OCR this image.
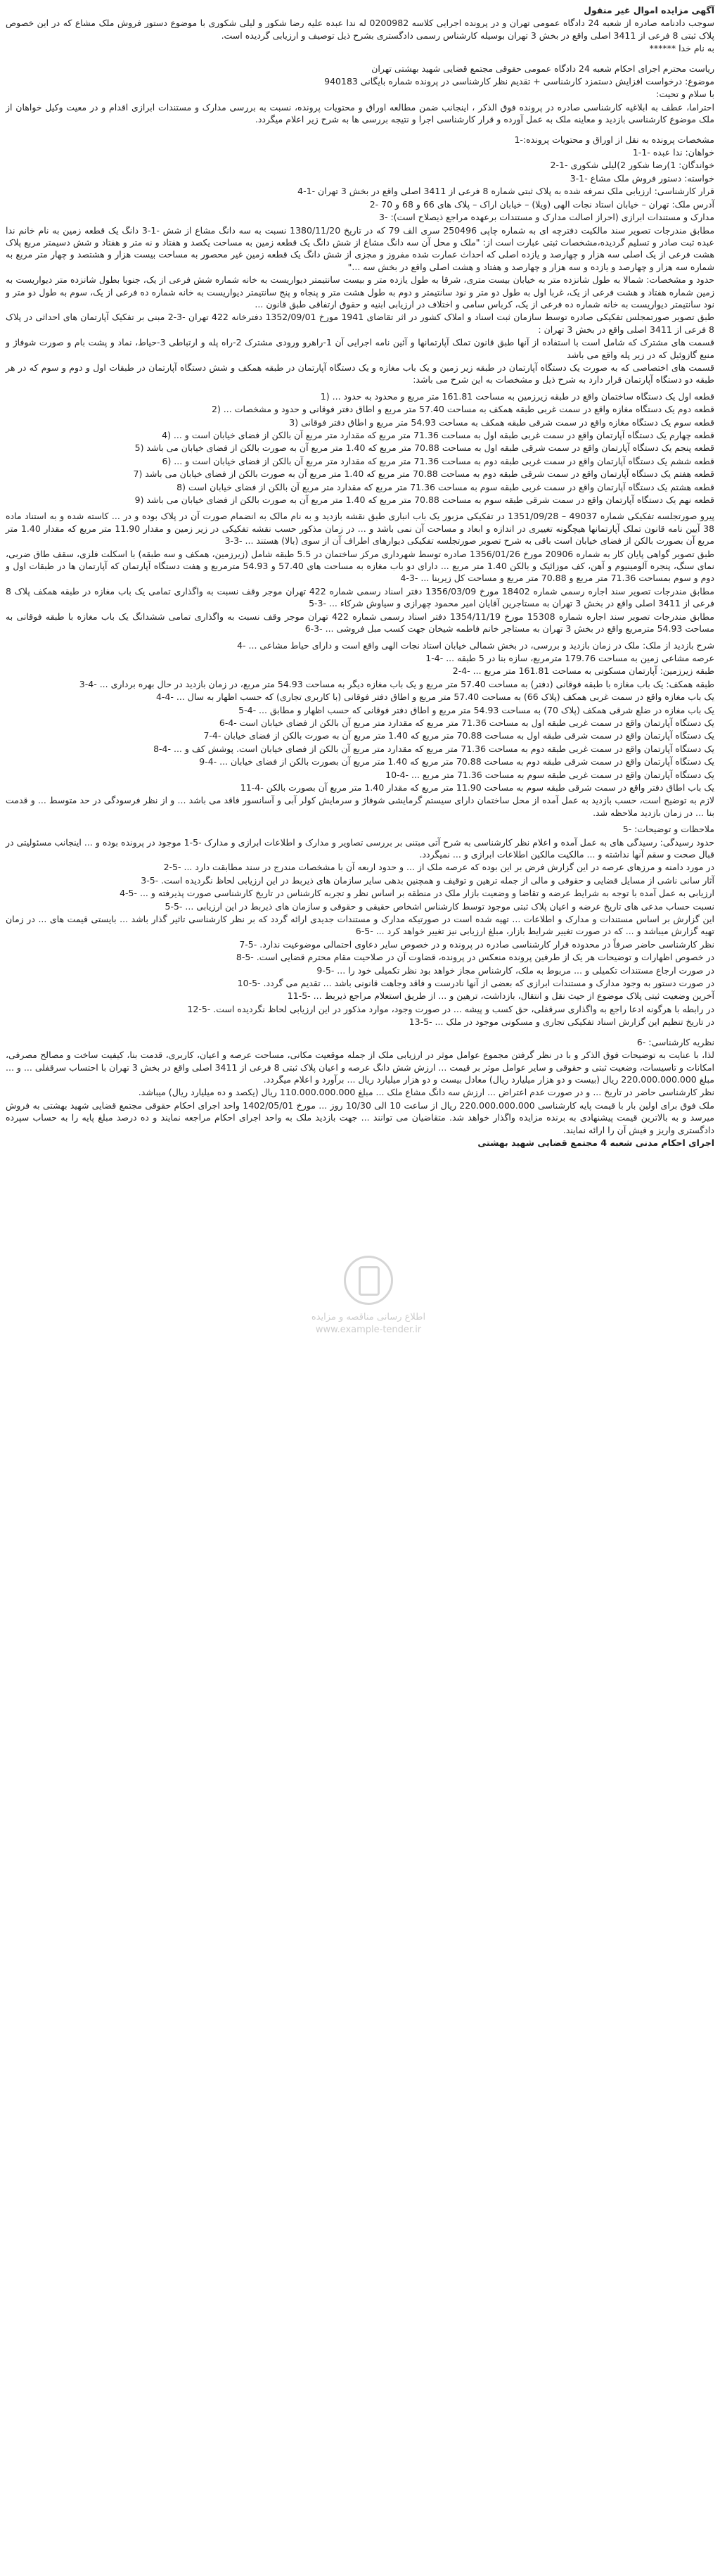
آگهی مزایده اموال غیر منقول

سوجب دادنامه صادره از شعبه 24 دادگاه عمومی تهران و در پرونده اجرایی کلاسه 0200982 له ندا عبده علیه رضا شکور و لیلی شکوری با موضوع دستور فروش ملک مشاع که در این خصوص پلاک ثبتی 8 فرعی از 3411 اصلی واقع در بخش 3 تهران بوسیله کارشناس رسمی دادگستری بشرح ذیل توصیف و ارزیابی گردیده است.

به نام خدا ******

ریاست محترم اجرای احکام شعبه 24 دادگاه عمومی حقوقی مجتمع قضایی شهید بهشتی تهران

موضوع: درخواست افزایش دستمزد کارشناسی + تقدیم نظر کارشناسی در پرونده شماره بایگانی 940183

با سلام و تحیت:

احتراما، عطف به ابلاغیه کارشناسی صادره در پرونده فوق الذکر ، اینجانب ضمن مطالعه اوراق و محتویات پرونده، نسبت به بررسی مدارک و مستندات ابرازی اقدام و در معیت وکیل خواهان از ملک موضوع کارشناسی بازدید و معاینه ملک به عمل آورده و قرار کارشناسی اجرا و نتیجه بررسی ها به شرح زیر اعلام میگردد.

مشخصات پرونده به نقل از اوراق و محتویات پرونده:-1

خواهان: ندا عبده -1-1

خواندگان: 1)رضا شکور 2)لیلی شکوری -1-2

خواسته: دستور فروش ملک مشاع -1-3

قرار کارشناسی: ارزیابی ملک نمرفه شده به پلاک ثبتی شماره 8 فرعی از 3411 اصلی واقع در بخش 3 تهران -1-4

آدرس ملک: تهران – خیابان استاد نجات الهی (ویلا) – خیابان اراک – پلاک های 66 و 68 و 70 -2

مدارک و مستندات ابرازی (احراز اصالت مدارک و مستندات برعهده مراجع ذیصلاح است): -3

مطابق مندرجات تصویر سند مالکیت دفترچه ای به شماره چاپی 250496 سری الف 79 که در تاریخ 1380/11/20 نسبت به سه دانگ مشاع از شش -1-3 دانگ یک قطعه زمین به نام خانم ندا عبده ثبت صادر و تسلیم گردیده،مشخصات ثبتی عبارت است از: "ملک و محل آن سه دانگ مشاع از شش دانگ یک قطعه زمین به مساحت یکصد و هفتاد و نه متر و هفتاد و شش دسیمتر مربع پلاک هشت فرعی از یک اصلی سه هزار و چهارصد و یازده اصلی که احداث عمارت شده مفروز و مجزی از شش دانگ یک قطعه زمین غیر محصور به مساحت بیست هزار و هشتصد و چهار متر مربع به شماره سه هزار و چهارصد و یازده و سه هزار و چهارصد و هفتاد و هشت اصلی واقع در بخش سه ..."

حدود و مشخصات: شمالا به طول شانزده متر به خیابان بیست متری، شرقا به طول یازده متر و بیست سانتیمتر دیواریست به خانه شماره شش فرعی از یک، جنوبا بطول شانزده متر دیواریست به زمین شماره هفتاد و هشت فرعی از یک، غربا اول به طول دو متر و نود سانتیمتر و دوم به طول هشت متر و پنجاه و پنج سانتیمتر دیواریست به خانه شماره ده فرعی از یک، سوم به طول دو متر و نود سانتیمتر دیواریست به خانه شماره ده فرعی از یک، کرباس سامی و اختلاف در ارزیابی ابنیه و حقوق ارتفاقی طبق قانون ...

طبق تصویر صورتمجلس تفکیکی صادره توسط سازمان ثبت اسناد و املاک کشور در اثر تقاضای 1941 مورخ 1352/09/01 دفترخانه 422 تهران -3-2 مبنی بر تفکیک آپارتمان های احداثی در پلاک 8 فرعی از 3411 اصلی واقع در بخش 3 تهران :

قسمت های مشترک که شامل است با استفاده از آنها طبق قانون تملک آپارتمانها و آئین نامه اجرایی آن 1-راهرو ورودی مشترک 2-راه پله و ارتباطی 3-حیاط، نماد و پشت بام و صورت شوفاژ و منبع گازوئیل که در زیر پله واقع می باشد

قسمت های اختصاصی که به صورت یک دستگاه آپارتمان در طبقه زیر زمین و یک باب مغازه و یک دستگاه آپارتمان در طبقه همکف و شش دستگاه آپارتمان در طبقات اول و دوم و سوم که در هر طبقه دو دستگاه آپارتمان قرار دارد به شرح ذیل و مشخصات به این شرح می باشد:

قطعه اول یک دستگاه ساختمان واقع در طبقه زیرزمین به مساحت 161.81 متر مربع و محدود به حدود ... (1

قطعه دوم یک دستگاه مغازه واقع در سمت غربی طبقه همکف به مساحت 57.40 متر مربع و اطاق دفتر فوقانی و حدود و مشخصات ... (2

قطعه سوم یک دستگاه مغازه واقع در سمت شرقی طبقه همکف به مساحت 54.93 متر مربع و اطاق دفتر فوقانی (3

قطعه چهارم یک دستگاه آپارتمان واقع در سمت غربی طبقه اول به مساحت 71.36 متر مربع که مقدارد متر مربع آن بالکن از فضای خیابان است و ... (4

قطعه پنجم یک دستگاه آپارتمان واقع در سمت شرقی طبقه اول به مساحت 70.88 متر مربع که 1.40 متر مربع آن به صورت بالکن از فضای خیابان می باشد (5

قطعه ششم یک دستگاه آپارتمان واقع در سمت غربی طبقه دوم به مساحت 71.36 متر مربع که مقدارد متر مربع آن بالکن از فضای خیابان است و ... (6

قطعه هفتم یک دستگاه آپارتمان واقع در سمت شرقی طبقه دوم به مساحت 70.88 متر مربع که 1.40 متر مربع آن به صورت بالکن از فضای خیابان می باشد (7

قطعه هشتم یک دستگاه آپارتمان واقع در سمت غربی طبقه سوم به مساحت 71.36 متر مربع که مقدارد متر مربع آن بالکن از فضای خیابان است (8

قطعه نهم یک دستگاه آپارتمان واقع در سمت شرقی طبقه سوم به مساحت 70.88 متر مربع که 1.40 متر مربع آن به صورت بالکن از فضای خیابان می باشد (9

پیرو صورتجلسه تفکیکی شماره 49037 – 1351/09/28 در تفکیکی مزبور یک باب انباری طبق نقشه بازدید و به نام مالک به انضمام صورت آن در پلاک بوده و در ... کاسته شده و به استناد ماده 38 آیین نامه قانون تملک آپارتمانها هیچگونه تغییری در اندازه و ابعاد و مساحت آن نمی باشد و ... در زمان مذکور حسب نقشه تفکیکی در زیر زمین و مقدار 11.90 متر مربع که مقدار 1.40 متر مربع آن بصورت بالکن از فضای خیابان است باقی به شرح تصویر صورتجلسه تفکیکی دیوارهای اطراف آن از سوی (بالا) هستند ... -3-3

طبق تصویر گواهی پایان کار به شماره 20906 مورخ 1356/01/26 صادره توسط شهرداری مرکز ساختمان در 5.5 طبقه شامل (زیرزمین، همکف و سه طبقه) با اسکلت فلزی، سقف طاق ضربی، نمای سنگ، پنجره آلومینیوم و آهن، کف موزائیک و بالکن 1.40 متر مربع ... دارای دو باب مغازه به مساحت های 57.40 و 54.93 مترمربع و هفت دستگاه آپارتمان که آپارتمان ها در طبقات اول و دوم و سوم بمساحت 71.36 متر مربع و 70.88 متر مربع و مساحت کل زیربنا ... -3-4

مطابق مندرجات تصویر سند اجاره رسمی شماره 18402 مورخ 1356/03/09 دفتر اسناد رسمی شماره 422 تهران موجر وقف نسبت به واگذاری تمامی یک باب مغازه در طبقه همکف پلاک 8 فرعی از 3411 اصلی واقع در بخش 3 تهران به مستاجرین آقایان امیر محمود چهرازی و سیاوش شرکاء ... -3-5

مطابق مندرجات تصویر سند اجاره شماره 15308 مورخ 1354/11/19 دفتر اسناد رسمی شماره 422 تهران موجر وقف نسبت به واگذاری تمامی ششدانگ یک باب مغازه با طبقه فوقانی به مساحت 54.93 مترمربع واقع در بخش 3 تهران به مستاجر خانم فاطمه شیخان جهت کسب مبل فروشی ... -3-6

شرح بازدید از ملک: ملک در زمان بازدید و بررسی، در بخش شمالی خیابان استاد نجات الهی واقع است و دارای حیاط مشاعی ... -4

عرصه مشاعی زمین به مساحت 179.76 مترمربع، سازه بنا در 5 طبقه ... -4-1

طبقه زیرزمین: آپارتمان مسکونی به مساحت 161.81 متر مربع ... -4-2

طبقه همکف: یک باب مغازه با طبقه فوقانی (دفتر) به مساحت 57.40 متر مربع و یک باب مغازه دیگر به مساحت 54.93 متر مربع، در زمان بازدید در حال بهره برداری ... -4-3

یک باب مغازه واقع در سمت غربی همکف (پلاک 66) به مساحت 57.40 متر مربع و اطاق دفتر فوقانی (با کاربری تجاری) که حسب اظهار به سال ... -4-4

یک باب مغازه در ضلع شرقی همکف (پلاک 70) به مساحت 54.93 متر مربع و اطاق دفتر فوقانی که حسب اظهار و مطابق ... -4-5

یک دستگاه آپارتمان واقع در سمت غربی طبقه اول به مساحت 71.36 متر مربع که مقدارد متر مربع آن بالکن از فضای خیابان است -4-6

یک دستگاه آپارتمان واقع در سمت شرقی طبقه اول به مساحت 70.88 متر مربع که 1.40 متر مربع آن به صورت بالکن از فضای خیابان -4-7

یک دستگاه آپارتمان واقع در سمت غربی طبقه دوم به مساحت 71.36 متر مربع که مقدارد متر مربع آن بالکن از فضای خیابان است. پوشش کف و ... -4-8

یک دستگاه آپارتمان واقع در سمت شرقی طبقه دوم به مساحت 70.88 متر مربع که 1.40 متر مربع آن بصورت بالکن از فضای خیابان ... -4-9

یک دستگاه آپارتمان واقع در سمت غربی طبقه سوم به مساحت 71.36 متر مربع ... -4-10

یک باب اطاق دفتر واقع در سمت شرقی طبقه سوم به مساحت 11.90 متر مربع که مقدار 1.40 متر مربع آن بصورت بالکن -4-11

لازم به توضیح است، حسب بازدید به عمل آمده از محل ساختمان دارای سیستم گرمایشی شوفاژ و سرمایش کولر آبی و آسانسور فاقد می باشد ... و از نظر فرسودگی در حد متوسط ... و قدمت بنا ... در زمان بازدید ملاحظه شد.

ملاحظات و توضیحات: -5

حدود رسیدگی: رسیدگی های به عمل آمده و اعلام نظر کارشناسی به شرح آتی مبتنی بر بررسی تصاویر و مدارک و اطلاعات ابرازی و مدارک -5-1 موجود در پرونده بوده و ... اینجانب مسئولیتی در قبال صحت و سقم آنها نداشته و ... مالکیت مالکین اطلاعات ابرازی و ... نمیگردد.

در مورد دامنه و مرزهای عرصه در این گزارش فرض بر این بوده که عرصه ملک از ... و حدود اربعه آن با مشخصات مندرج در سند مطابقت دارد ... -5-2

آثار سانی ناشی از مسایل قضایی و حقوقی و مالی از جمله ترهین و توقیف و همچنین بدهی سایر سازمان های ذیربط در این ارزیابی لحاظ نگردیده است. -5-3

ارزیابی به عمل آمده با توجه به شرایط عرضه و تقاضا و وضعیت بازار ملک در منطقه بر اساس نظر و تجربه کارشناس در تاریخ کارشناسی صورت پذیرفته و ... -5-4

نسبت حساب مدعی های تاریخ عرضه و اعیان پلاک ثبتی موجود توسط کارشناس اشخاص حقیقی و حقوقی و سازمان های ذیربط در این ارزیابی ... -5-5

این گزارش بر اساس مستندات و مدارک و اطلاعات ... تهیه شده است در صورتیکه مدارک و مستندات جدیدی ارائه گردد که بر نظر کارشناسی تاثیر گذار باشد ... بایستی قیمت های ... در زمان تهیه گزارش میباشد و ... که در صورت تغییر شرایط بازار، مبلغ ارزیابی نیز تغییر خواهد کرد ... -5-6

نظر کارشناسی حاضر صرفاً در محدوده قرار کارشناسی صادره در پرونده و در خصوص سایر دعاوی احتمالی موضوعیت ندارد. -5-7

در خصوص اظهارات و توضیحات هر یک از طرفین پرونده منعکس در پرونده، قضاوت آن در صلاحیت مقام محترم قضایی است. -5-8

در صورت ارجاع مستندات تکمیلی و ... مربوط به ملک، کارشناس مجاز خواهد بود نظر تکمیلی خود را ... -5-9

در صورت دستور به وجود مدارک و مستندات ابرازی که بعضی از آنها نادرست و فاقد وجاهت قانونی باشد ... تقدیم می گردد. -5-10

آخرین وضعیت ثبتی پلاک موضوع از حیث نقل و انتقال، بازداشت، ترهین و ... از طریق استعلام مراجع ذیربط ... -5-11

در رابطه با هرگونه ادعا راجع به واگذاری سرقفلی، حق کسب و پیشه ... در صورت وجود، موارد مذکور در این ارزیابی لحاظ نگردیده است. -5-12

در تاریخ تنظیم این گزارش اسناد تفکیکی تجاری و مسکونی موجود در ملک ... -5-13

نظریه کارشناسی: -6

لذا، با عنایت به توضیحات فوق الذکر و با در نظر گرفتن مجموع عوامل موثر در ارزیابی ملک از جمله موقعیت مکانی، مساحت عرصه و اعیان، کاربری، قدمت بنا، کیفیت ساخت و مصالح مصرفی، امکانات و تاسیسات، وضعیت ثبتی و حقوقی و سایر عوامل موثر بر قیمت ... ارزش شش دانگ عرصه و اعیان پلاک ثبتی 8 فرعی از 3411 اصلی واقع در بخش 3 تهران با احتساب سرقفلی ... و ... مبلغ 220.000.000.000 ریال (بیست و دو هزار میلیارد ریال) معادل بیست و دو هزار میلیارد ریال ... برآورد و اعلام میگردد.

نظر کارشناسی حاضر در تاریخ ... و در صورت عدم اعتراض ... ارزش سه دانگ مشاع ملک ... مبلغ 110.000.000.000 ریال (یکصد و ده میلیارد ریال) میباشد.

ملک فوق برای اولین بار با قیمت پایه کارشناسی 220.000.000.000 ریال از ساعت 10 الی 10/30 روز ... مورخ 1402/05/01 واحد اجرای احکام حقوقی مجتمع قضایی شهید بهشتی به فروش میرسد و به بالاترین قیمت پیشنهادی به برنده مزایده واگذار خواهد شد. متقاضیان می توانند ... جهت بازدید ملک به واحد اجرای احکام مراجعه نمایند و ده درصد مبلغ پایه را به حساب سپرده دادگستری واریز و فیش آن را ارائه نمایند.

اجرای احکام مدنی شعبه 4 مجتمع قضایی شهید بهشتی

اطلاع رسانی مناقصه و مزایده
www.example-tender.ir
